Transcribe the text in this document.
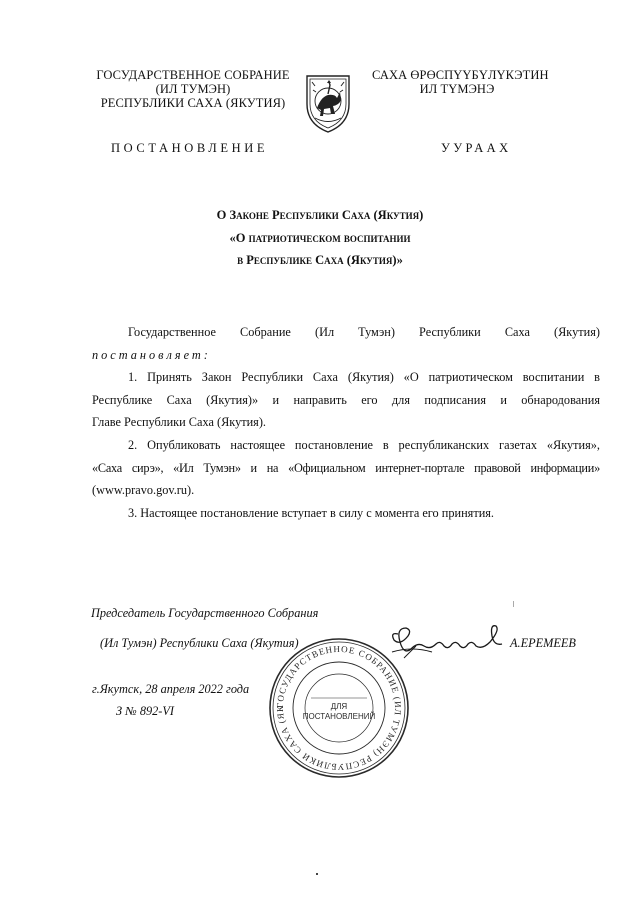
ГОСУДАРСТВЕННОЕ СОБРАНИЕ
(ИЛ ТУМЭН)
РЕСПУБЛИКИ САХА (ЯКУТИЯ)
САХА ӨРӨСПҮҮБҮЛҮКЭТИН
ИЛ ТҮМЭНЭ
ПОСТАНОВЛЕНИЕ	УУРААХ
О Законе Республики Саха (Якутия)
«О патриотическом воспитании
в Республике Саха (Якутия)»
Государственное Собрание (Ил Тумэн) Республики Саха (Якутия)
постановляет:
1. Принять Закон Республики Саха (Якутия) «О патриотическом воспитании в
Республике Саха (Якутия)» и направить его для подписания и обнародования
Главе Республики Саха (Якутия).
2. Опубликовать настоящее постановление в республиканских газетах «Якутия»,
«Саха сирэ», «Ил Тумэн» и на «Официальном интернет-портале правовой информации»
(www.pravo.gov.ru).
3. Настоящее постановление вступает в силу с момента его принятия.
Председатель Государственного Собрания
(Ил Тумэн) Республики Саха (Якутия)	А.ЕРЕМЕЕВ
г.Якутск, 28 апреля 2022 года
З № 892-VI	ГОСУДАРСТВЕННОЕ СОБРАНИЕ (ИЛ ТУМЭН) РЕСПУБЛИКИ САХА (ЯК	ДЛЯ
ПОСТАНОВЛЕНИЙ
